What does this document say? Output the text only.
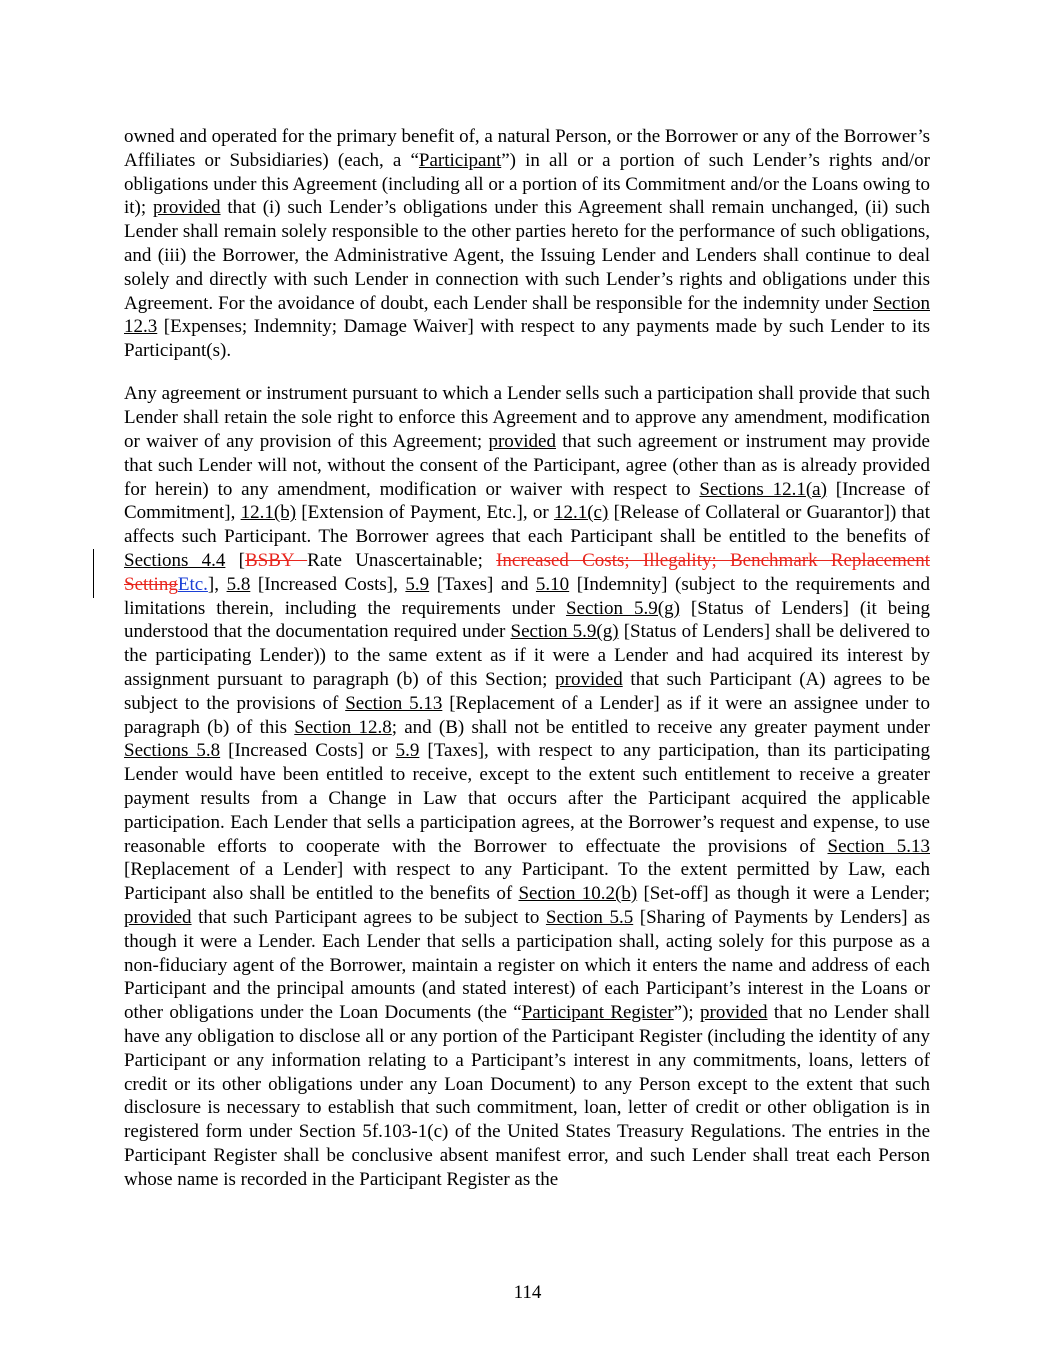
owned and operated for the primary benefit of, a natural Person, or the Borrower or any of the Borrower’s Affiliates or Subsidiaries) (each, a “Participant”) in all or a portion of such Lender’s rights and/or obligations under this Agreement (including all or a portion of its Commitment and/or the Loans owing to it); provided that (i) such Lender’s obligations under this Agreement shall remain unchanged, (ii) such Lender shall remain solely responsible to the other parties hereto for the performance of such obligations, and (iii) the Borrower, the Administrative Agent, the Issuing Lender and Lenders shall continue to deal solely and directly with such Lender in connection with such Lender’s rights and obligations under this Agreement. For the avoidance of doubt, each Lender shall be responsible for the indemnity under Section 12.3 [Expenses; Indemnity; Damage Waiver] with respect to any payments made by such Lender to its Participant(s).

Any agreement or instrument pursuant to which a Lender sells such a participation shall provide that such Lender shall retain the sole right to enforce this Agreement and to approve any amendment, modification or waiver of any provision of this Agreement; provided that such agreement or instrument may provide that such Lender will not, without the consent of the Participant, agree (other than as is already provided for herein) to any amendment, modification or waiver with respect to Sections 12.1(a) [Increase of Commitment], 12.1(b) [Extension of Payment, Etc.], or 12.1(c) [Release of Collateral or Guarantor]) that affects such Participant. The Borrower agrees that each Participant shall be entitled to the benefits of Sections 4.4 [BSBY Rate Unascertainable; Increased Costs; Illegality; Benchmark Replacement SettingEtc.], 5.8 [Increased Costs], 5.9 [Taxes] and 5.10 [Indemnity] (subject to the requirements and limitations therein, including the requirements under Section 5.9(g) [Status of Lenders] (it being understood that the documentation required under Section 5.9(g) [Status of Lenders] shall be delivered to the participating Lender)) to the same extent as if it were a Lender and had acquired its interest by assignment pursuant to paragraph (b) of this Section; provided that such Participant (A) agrees to be subject to the provisions of Section 5.13 [Replacement of a Lender] as if it were an assignee under to paragraph (b) of this Section 12.8; and (B) shall not be entitled to receive any greater payment under Sections 5.8 [Increased Costs] or 5.9 [Taxes], with respect to any participation, than its participating Lender would have been entitled to receive, except to the extent such entitlement to receive a greater payment results from a Change in Law that occurs after the Participant acquired the applicable participation. Each Lender that sells a participation agrees, at the Borrower’s request and expense, to use reasonable efforts to cooperate with the Borrower to effectuate the provisions of Section 5.13 [Replacement of a Lender] with respect to any Participant. To the extent permitted by Law, each Participant also shall be entitled to the benefits of Section 10.2(b) [Set-off] as though it were a Lender; provided that such Participant agrees to be subject to Section 5.5 [Sharing of Payments by Lenders] as though it were a Lender. Each Lender that sells a participation shall, acting solely for this purpose as a non-fiduciary agent of the Borrower, maintain a register on which it enters the name and address of each Participant and the principal amounts (and stated interest) of each Participant’s interest in the Loans or other obligations under the Loan Documents (the “Participant Register”); provided that no Lender shall have any obligation to disclose all or any portion of the Participant Register (including the identity of any Participant or any information relating to a Participant’s interest in any commitments, loans, letters of credit or its other obligations under any Loan Document) to any Person except to the extent that such disclosure is necessary to establish that such commitment, loan, letter of credit or other obligation is in registered form under Section 5f.103-1(c) of the United States Treasury Regulations. The entries in the Participant Register shall be conclusive absent manifest error, and such Lender shall treat each Person whose name is recorded in the Participant Register as the

114
